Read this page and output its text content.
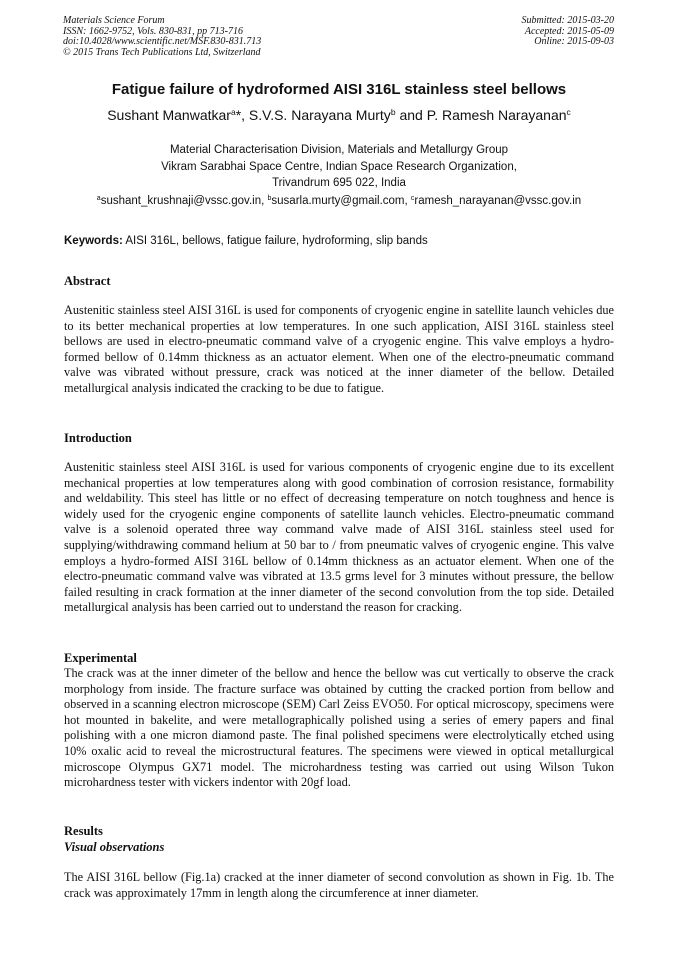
Materials Science Forum
ISSN: 1662-9752, Vols. 830-831, pp 713-716
doi:10.4028/www.scientific.net/MSF.830-831.713
© 2015 Trans Tech Publications Ltd, Switzerland
Submitted: 2015-03-20
Accepted: 2015-05-09
Online: 2015-09-03
Fatigue failure of hydroformed AISI 316L stainless steel bellows
Sushant Manwatkar$^a$*, S.V.S. Narayana Murty$^b$ and P. Ramesh Narayanan$^c$
Material Characterisation Division, Materials and Metallurgy Group
Vikram Sarabhai Space Centre, Indian Space Research Organization,
Trivandrum 695 022, India
$^a$sushant_krushnaji@vssc.gov.in, $^b$susarla.murty@gmail.com, $^c$ramesh_narayanan@vssc.gov.in
Keywords: AISI 316L, bellows, fatigue failure, hydroforming, slip bands
Abstract

Austenitic stainless steel AISI 316L is used for components of cryogenic engine in satellite launch vehicles due to its better mechanical properties at low temperatures. In one such application, AISI 316L stainless steel bellows are used in electro-pneumatic command valve of a cryogenic engine. This valve employs a hydro-formed bellow of 0.14mm thickness as an actuator element. When one of the electro-pneumatic command valve was vibrated without pressure, crack was noticed at the inner diameter of the bellow. Detailed metallurgical analysis indicated the cracking to be due to fatigue.

Introduction

Austenitic stainless steel AISI 316L is used for various components of cryogenic engine due to its excellent mechanical properties at low temperatures along with good combination of corrosion resistance, formability and weldability. This steel has little or no effect of decreasing temperature on notch toughness and hence is widely used for the cryogenic engine components of satellite launch vehicles. Electro-pneumatic command valve is a solenoid operated three way command valve made of AISI 316L stainless steel used for supplying/withdrawing command helium at 50 bar to / from pneumatic valves of cryogenic engine. This valve employs a hydro-formed AISI 316L bellow of 0.14mm thickness as an actuator element. When one of the electro-pneumatic command valve was vibrated at 13.5 grms level for 3 minutes without pressure, the bellow failed resulting in crack formation at the inner diameter of the second convolution from the top side. Detailed metallurgical analysis has been carried out to understand the reason for cracking.

Experimental

The crack was at the inner dimeter of the bellow and hence the bellow was cut vertically to observe the crack morphology from inside. The fracture surface was obtained by cutting the cracked portion from bellow and observed in a scanning electron microscope (SEM) Carl Zeiss EVO50. For optical microscopy, specimens were hot mounted in bakelite, and were metallographically polished using a series of emery papers and final polishing with a one micron diamond paste. The final polished specimens were electrolytically etched using 10% oxalic acid to reveal the microstructural features. The specimens were viewed in optical metallurgical microscope Olympus GX71 model. The microhardness testing was carried out using Wilson Tukon microhardness tester with vickers indentor with 20gf load.

Results
Visual observations

The AISI 316L bellow (Fig.1a) cracked at the inner diameter of second convolution as shown in Fig. 1b. The crack was approximately 17mm in length along the circumference at inner diameter.
